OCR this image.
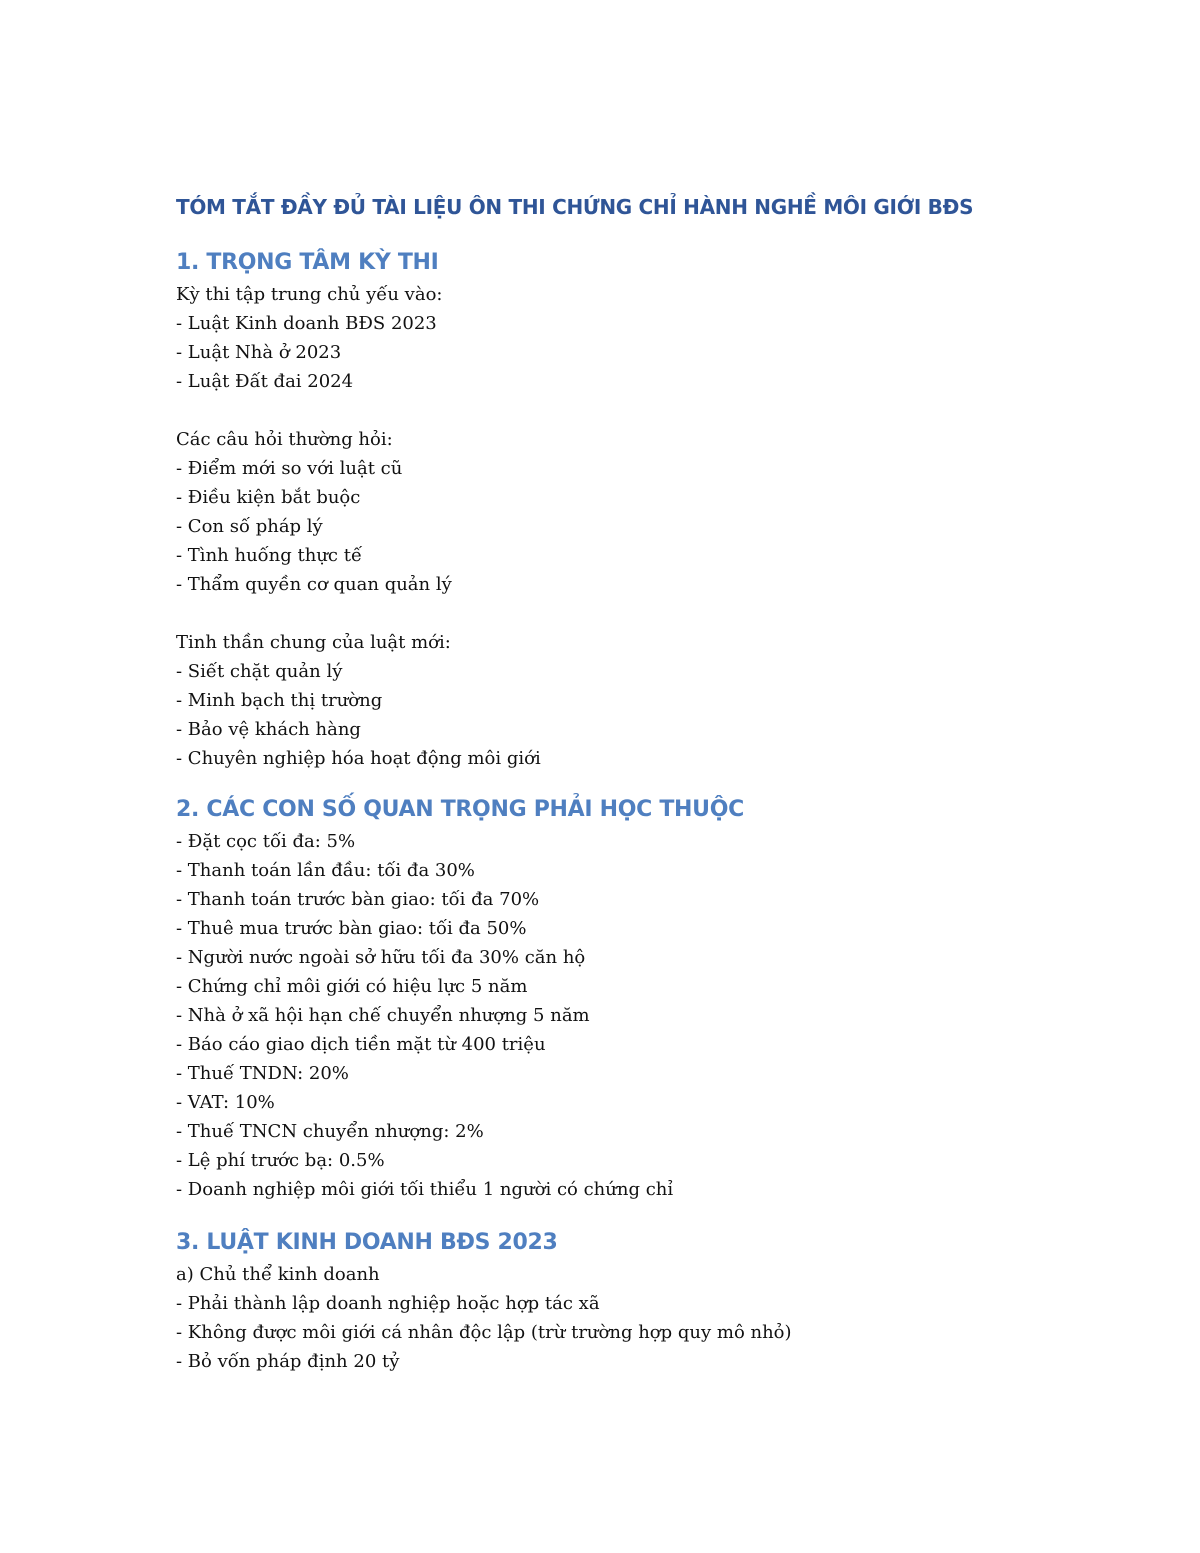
TÓM TẮT ĐẦY ĐỦ TÀI LIỆU ÔN THI CHỨNG CHỈ HÀNH NGHỀ MÔI GIỚI BĐS
1. TRỌNG TÂM KỲ THI
Kỳ thi tập trung chủ yếu vào:
- Luật Kinh doanh BĐS 2023
- Luật Nhà ở 2023
- Luật Đất đai 2024
Các câu hỏi thường hỏi:
- Điểm mới so với luật cũ
- Điều kiện bắt buộc
- Con số pháp lý
- Tình huống thực tế
- Thẩm quyền cơ quan quản lý
Tinh thần chung của luật mới:
- Siết chặt quản lý
- Minh bạch thị trường
- Bảo vệ khách hàng
- Chuyên nghiệp hóa hoạt động môi giới
2. CÁC CON SỐ QUAN TRỌNG PHẢI HỌC THUỘC
- Đặt cọc tối đa: 5%
- Thanh toán lần đầu: tối đa 30%
- Thanh toán trước bàn giao: tối đa 70%
- Thuê mua trước bàn giao: tối đa 50%
- Người nước ngoài sở hữu tối đa 30% căn hộ
- Chứng chỉ môi giới có hiệu lực 5 năm
- Nhà ở xã hội hạn chế chuyển nhượng 5 năm
- Báo cáo giao dịch tiền mặt từ 400 triệu
- Thuế TNDN: 20%
- VAT: 10%
- Thuế TNCN chuyển nhượng: 2%
- Lệ phí trước bạ: 0.5%
- Doanh nghiệp môi giới tối thiểu 1 người có chứng chỉ
3. LUẬT KINH DOANH BĐS 2023
a) Chủ thể kinh doanh
- Phải thành lập doanh nghiệp hoặc hợp tác xã
- Không được môi giới cá nhân độc lập (trừ trường hợp quy mô nhỏ)
- Bỏ vốn pháp định 20 tỷ
